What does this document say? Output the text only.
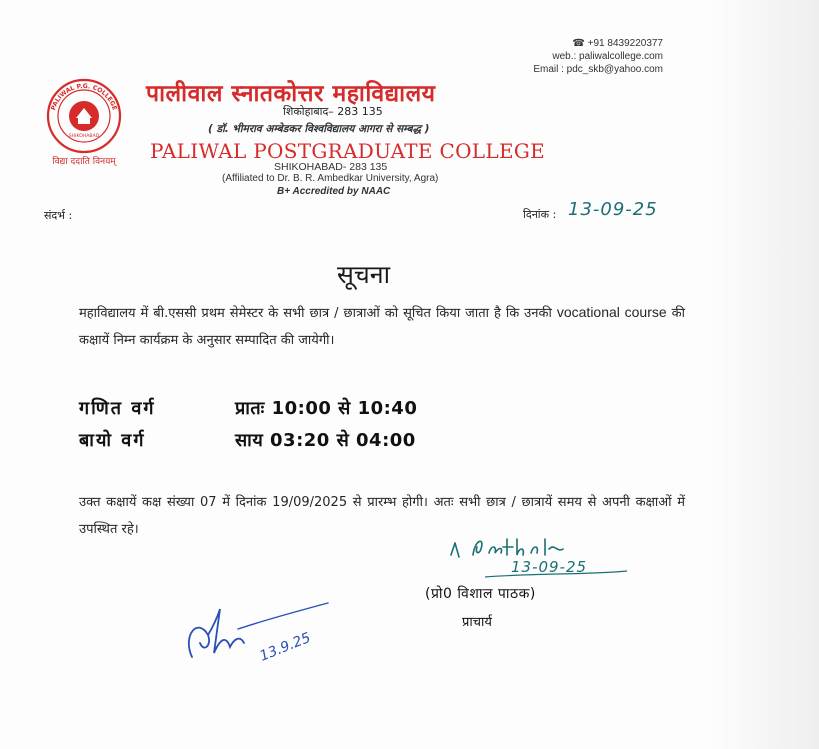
☎ +91 8439220377
web.: paliwalcollege.com
Email : pdc_skb@yahoo.com
PALIWAL P.G. COLLEGE
SHIKOHABAD
विद्या ददाति विनयम्
पालीवाल स्नातकोत्तर महाविद्यालय
शिकोहाबाद– 283 135
( डॉ. भीमराव अम्बेडकर विश्वविद्यालय आगरा से सम्बद्ध )
PALIWAL POSTGRADUATE COLLEGE
SHIKOHABAD- 283 135
(Affiliated to Dr. B. R. Ambedkar University, Agra)
B+ Accredited by NAAC
संदर्भ :	दिनांक : 13-09-25
सूचना
महाविद्यालय में बी.एससी प्रथम सेमेस्टर के सभी छात्र / छात्राओं को सूचित किया जाता है कि उनकी vocational course की कक्षायें निम्न कार्यक्रम के अनुसार सम्पादित की जायेगी।
गणित वर्ग	प्रातः 10:00 से 10:40
बायो वर्ग	साय 03:20 से 04:00
उक्त कक्षायें कक्ष संख्या 07 में दिनांक 19/09/2025 से प्रारम्भ होगी। अतः सभी छात्र / छात्रायें समय से अपनी कक्षाओं में उपस्थित रहे।
13-09-25
(प्रो0 विशाल पाठक)
प्राचार्य
13.9.25
